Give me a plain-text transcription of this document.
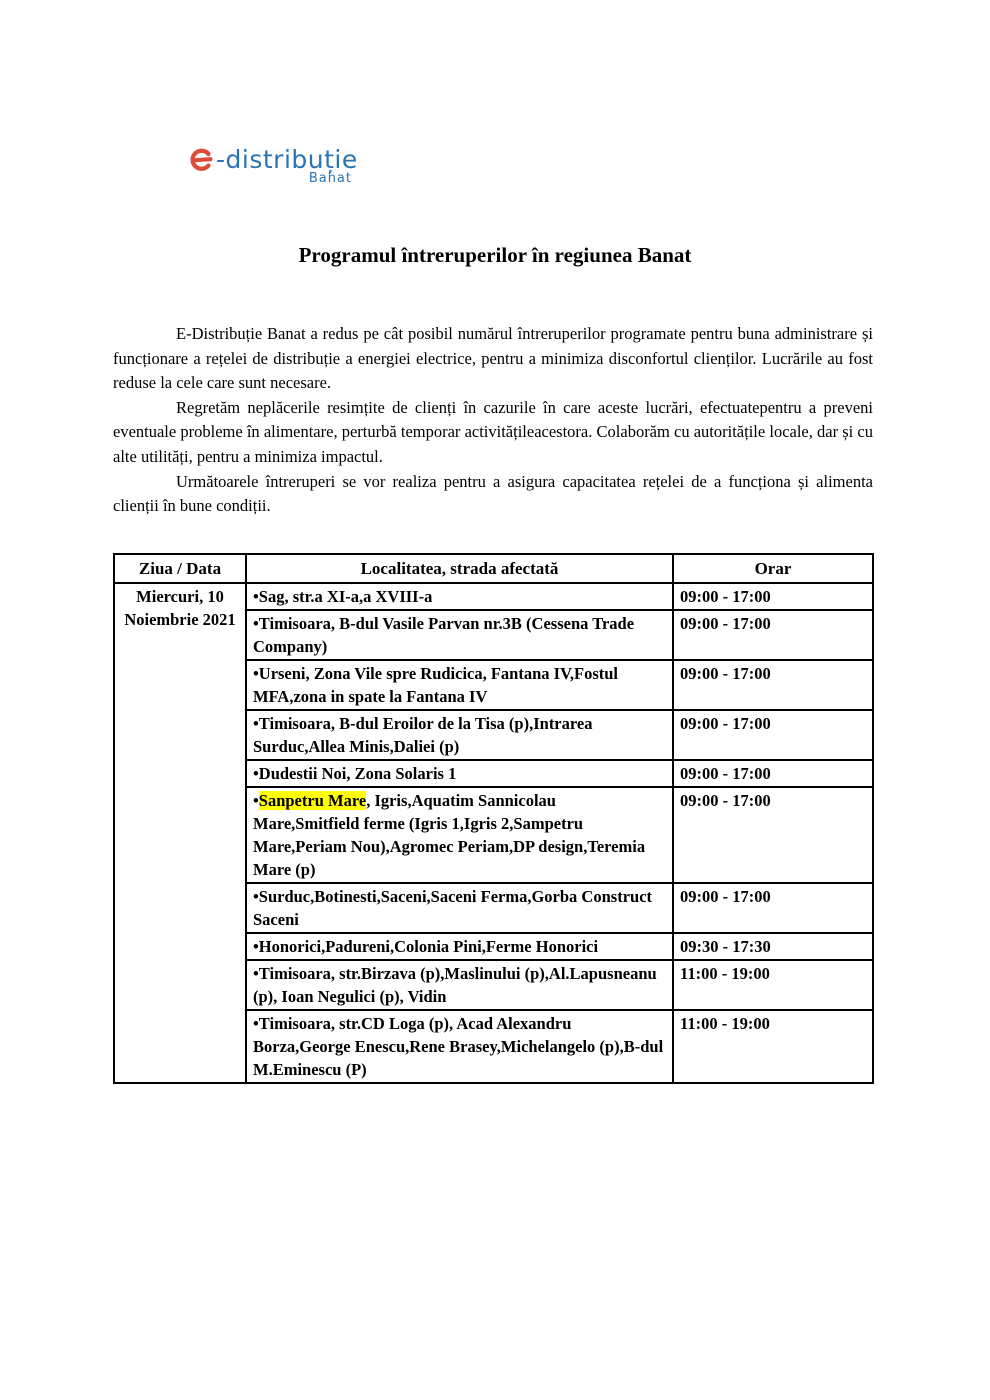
-distribuție
Banat
Programul întreruperilor în regiunea Banat

E-Distribuție Banat a redus pe cât posibil numărul întreruperilor programate pentru buna administrare și funcționare a rețelei de distribuție a energiei electrice, pentru a minimiza disconfortul clienților. Lucrările au fost reduse la cele care sunt necesare.

Regretăm neplăcerile resimțite de clienți în cazurile în care aceste lucrări, efectuatepentru a preveni eventuale probleme în alimentare, perturbă temporar activitățileacestora. Colaborăm cu autoritățile locale, dar și cu alte utilități, pentru a minimiza impactul.

Următoarele întreruperi se vor realiza pentru a asigura capacitatea rețelei de a funcționa și alimenta clienții în bune condiții.

Ziua / Data	Localitatea, strada afectată	Orar
Miercuri, 10 Noiembrie 2021	•Sag, str.a XI-a,a XVIII-a	09:00 - 17:00
	•Timisoara, B-dul Vasile Parvan nr.3B (Cessena Trade Company)	09:00 - 17:00
	•Urseni, Zona Vile spre Rudicica, Fantana IV,Fostul MFA,zona in spate la Fantana IV	09:00 - 17:00
	•Timisoara, B-dul Eroilor de la Tisa (p),Intrarea Surduc,Allea Minis,Daliei (p)	09:00 - 17:00
	•Dudestii Noi, Zona Solaris 1	09:00 - 17:00
	•Sanpetru Mare, Igris,Aquatim Sannicolau Mare,Smitfield ferme (Igris 1,Igris 2,Sampetru Mare,Periam Nou),Agromec Periam,DP design,Teremia Mare (p)	09:00 - 17:00
	•Surduc,Botinesti,Saceni,Saceni Ferma,Gorba Construct Saceni	09:00 - 17:00
	•Honorici,Padureni,Colonia Pini,Ferme Honorici	09:30 - 17:30
	•Timisoara, str.Birzava (p),Maslinului (p),Al.Lapusneanu (p), Ioan Negulici (p), Vidin	11:00 - 19:00
	•Timisoara, str.CD Loga (p), Acad Alexandru Borza,George Enescu,Rene Brasey,Michelangelo (p),B-dul M.Eminescu (P)	11:00 - 19:00
